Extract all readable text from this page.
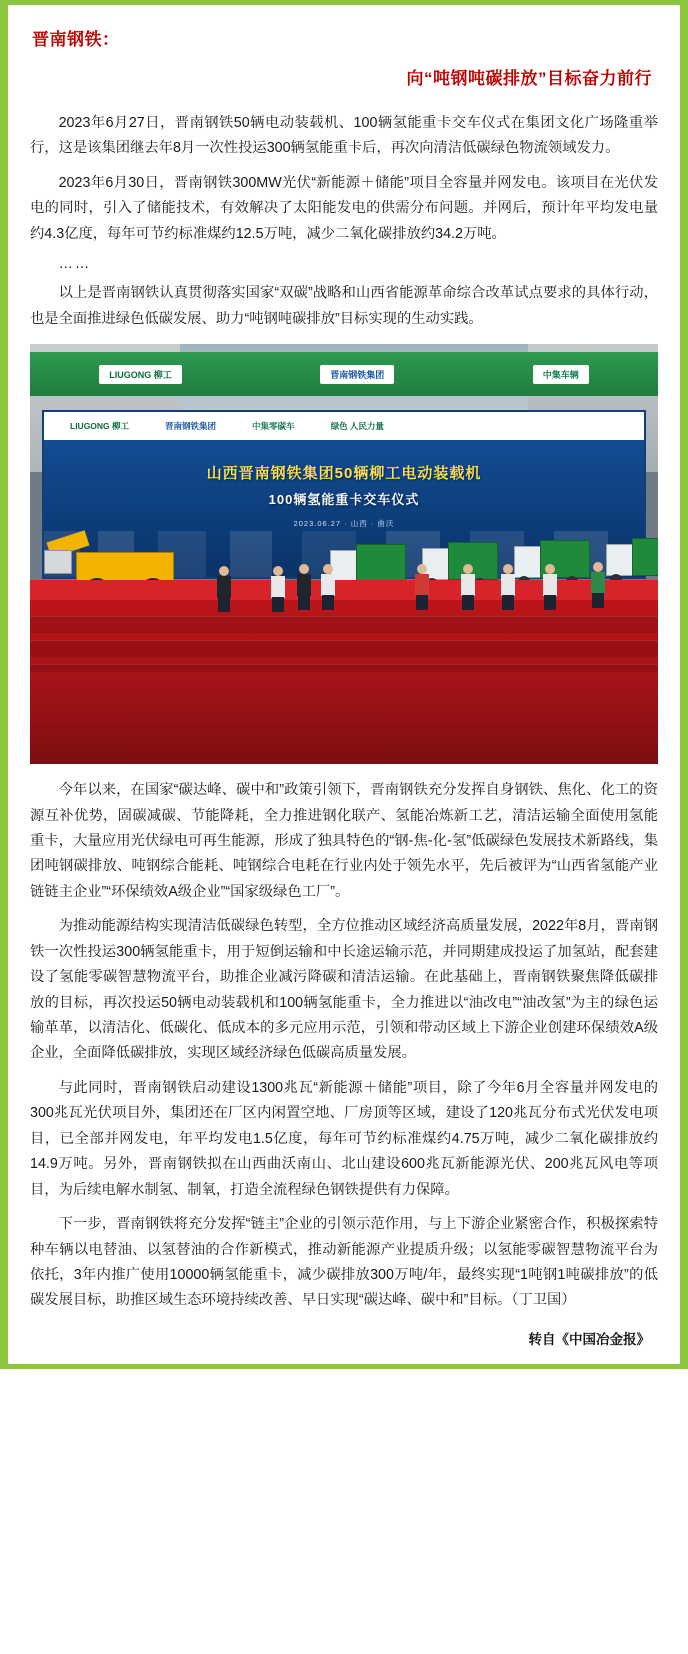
晋南钢铁：
向“吨钢吨碳排放”目标奋力前行

2023年6月27日，晋南钢铁50辆电动装载机、100辆氢能重卡交车仪式在集团文化广场隆重举行，这是该集团继去年8月一次性投运300辆氢能重卡后，再次向清洁低碳绿色物流领域发力。

2023年6月30日，晋南钢铁300MW光伏“新能源＋储能”项目全容量并网发电。该项目在光伏发电的同时，引入了储能技术，有效解决了太阳能发电的供需分布问题。并网后，预计年平均发电量约4.3亿度，每年可节约标准煤约12.5万吨，减少二氧化碳排放约34.2万吨。

……

以上是晋南钢铁认真贯彻落实国家“双碳”战略和山西省能源革命综合改革试点要求的具体行动，也是全面推进绿色低碳发展、助力“吨钢吨碳排放”目标实现的生动实践。

LIUGONG 柳工	晋南钢铁集团	中集车辆
LIUGONG 柳工	晋南钢铁集团	中集零碳车	绿色 人民力量
山西晋南钢铁集团50辆柳工电动装载机
100辆氢能重卡交车仪式
2023.06.27 · 山西 · 曲沃

今年以来，在国家“碳达峰、碳中和”政策引领下，晋南钢铁充分发挥自身钢铁、焦化、化工的资源互补优势，固碳减碳、节能降耗，全力推进钢化联产、氢能冶炼新工艺，清洁运输全面使用氢能重卡，大量应用光伏绿电可再生能源，形成了独具特色的“钢-焦-化-氢”低碳绿色发展技术新路线，集团吨钢碳排放、吨钢综合能耗、吨钢综合电耗在行业内处于领先水平，先后被评为“山西省氢能产业链链主企业”“环保绩效A级企业”“国家级绿色工厂”。

为推动能源结构实现清洁低碳绿色转型，全方位推动区域经济高质量发展，2022年8月，晋南钢铁一次性投运300辆氢能重卡，用于短倒运输和中长途运输示范，并同期建成投运了加氢站，配套建设了氢能零碳智慧物流平台，助推企业减污降碳和清洁运输。在此基础上，晋南钢铁聚焦降低碳排放的目标，再次投运50辆电动装载机和100辆氢能重卡，全力推进以“油改电”“油改氢”为主的绿色运输革革，以清洁化、低碳化、低成本的多元应用示范，引领和带动区域上下游企业创建环保绩效A级企业，全面降低碳排放，实现区域经济绿色低碳高质量发展。

与此同时，晋南钢铁启动建设1300兆瓦“新能源＋储能”项目，除了今年6月全容量并网发电的300兆瓦光伏项目外，集团还在厂区内闲置空地、厂房顶等区域，建设了120兆瓦分布式光伏发电项目，已全部并网发电，年平均发电1.5亿度，每年可节约标准煤约4.75万吨，减少二氧化碳排放约14.9万吨。另外，晋南钢铁拟在山西曲沃南山、北山建设600兆瓦新能源光伏、200兆瓦风电等项目，为后续电解水制氢、制氧，打造全流程绿色钢铁提供有力保障。

下一步，晋南钢铁将充分发挥“链主”企业的引领示范作用，与上下游企业紧密合作，积极探索特种车辆以电替油、以氢替油的合作新模式，推动新能源产业提质升级；以氢能零碳智慧物流平台为依托，3年内推广使用10000辆氢能重卡，减少碳排放300万吨/年，最终实现“1吨钢1吨碳排放”的低碳发展目标，助推区域生态环境持续改善、早日实现“碳达峰、碳中和”目标。（丁卫国）

转自《中国冶金报》
